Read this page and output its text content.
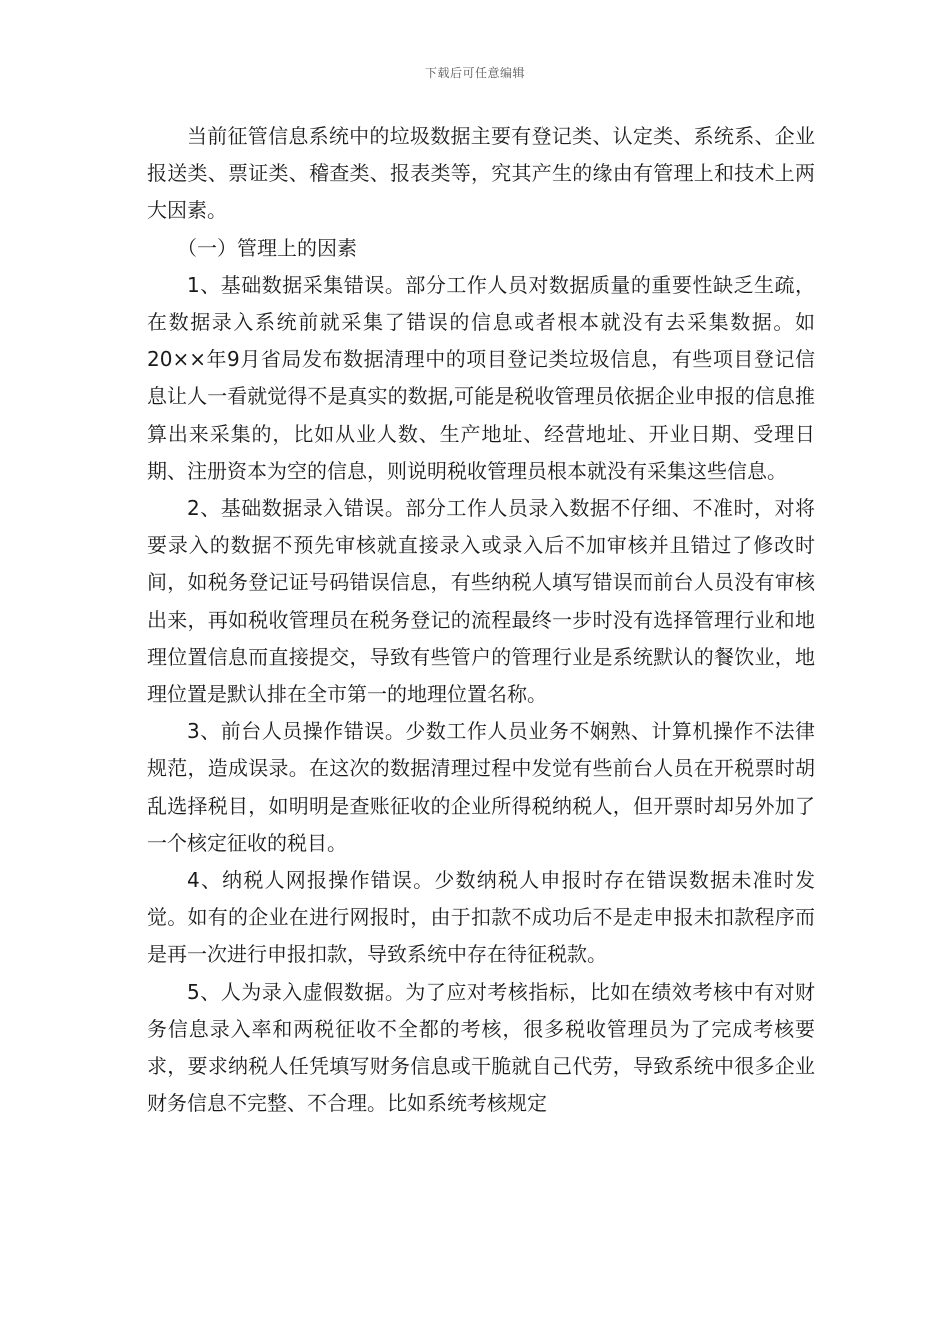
下载后可任意编辑

当前征管信息系统中的垃圾数据主要有登记类、认定类、系统系、企业报送类、票证类、稽查类、报表类等，究其产生的缘由有管理上和技术上两大因素。

（一）管理上的因素

1、基础数据采集错误。部分工作人员对数据质量的重要性缺乏生疏，在数据录入系统前就采集了错误的信息或者根本就没有去采集数据。如20××年9月省局发布数据清理中的项目登记类垃圾信息，有些项目登记信息让人一看就觉得不是真实的数据,可能是税收管理员依据企业申报的信息推算出来采集的，比如从业人数、生产地址、经营地址、开业日期、受理日期、注册资本为空的信息，则说明税收管理员根本就没有采集这些信息。

2、基础数据录入错误。部分工作人员录入数据不仔细、不准时，对将要录入的数据不预先审核就直接录入或录入后不加审核并且错过了修改时间，如税务登记证号码错误信息，有些纳税人填写错误而前台人员没有审核出来，再如税收管理员在税务登记的流程最终一步时没有选择管理行业和地理位置信息而直接提交，导致有些管户的管理行业是系统默认的餐饮业，地理位置是默认排在全市第一的地理位置名称。

3、前台人员操作错误。少数工作人员业务不娴熟、计算机操作不法律规范，造成误录。在这次的数据清理过程中发觉有些前台人员在开税票时胡乱选择税目，如明明是查账征收的企业所得税纳税人，但开票时却另外加了一个核定征收的税目。

4、纳税人网报操作错误。少数纳税人申报时存在错误数据未准时发觉。如有的企业在进行网报时，由于扣款不成功后不是走申报未扣款程序而是再一次进行申报扣款，导致系统中存在待征税款。

5、人为录入虚假数据。为了应对考核指标，比如在绩效考核中有对财务信息录入率和两税征收不全都的考核，很多税收管理员为了完成考核要求，要求纳税人任凭填写财务信息或干脆就自己代劳，导致系统中很多企业财务信息不完整、不合理。比如系统考核规定
